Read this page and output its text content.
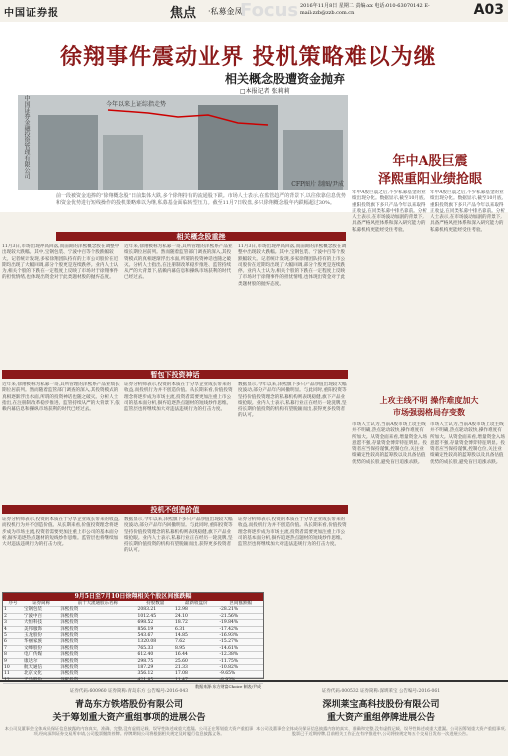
中国证券报	焦点 ·私募金凤
Focus 2016年11月8日 星期二 责编:xx 电话:010-63070142 E-mail:zzb@zzb.com.cn	A03
徐翔事件震动业界 投机策略难以为继
相关概念股遭资金抛弃
□本报记者 张莉莉
中国证券金融投资管理有限公司	今年以来上证综指走势
CFP图片 制图/尹成
年中A股巨震
泽熙重阳业绩抢眼
前一段被资金追捧的“徐翔概念股”日前集体大跌,多个徐翔持有的流通股下跌。市场人士表示,在监管趋严的背景下,以往依靠信息优势和资金优势进行短线操作的投机策略难以为继,私募基金面临转型压力。截至11月7日收盘,多只徐翔概念股年内跌幅超过30%。
相关概念股重挫
11月3日,市场出现冲高回落,而前期的泽熙概念股在调整中出现较大跌幅。其中,宝钢包装、宁波中百等个股跌幅较大。记者统计发现,多家徐翔团队持有的上市公司股价在近期均出现了大幅回调,部分个股更是连续跌停。业内人士认为,相关个股的下跌在一定程度上反映了市场对于徐翔事件的担忧情绪,也体现出资金对于此类题材股的抛弃态度。
近年来,徐翔被称为私募一哥,其所管理的泽熙系产品业绩长期位居前列。然而随着监管部门调查的深入,其投资模式的真相逐渐浮出水面,所谓的投资神话也随之破灭。分析人士指出,在注册制改革稳步推进、监管持续从严的大背景下,依赖内幕信息和操纵市场获利的时代已经过去。
11月3日,市场出现冲高回落,而前期的泽熙概念股在调整中出现较大跌幅。其中,宝钢包装、宁波中百等个股跌幅较大。记者统计发现,多家徐翔团队持有的上市公司股价在近期均出现了大幅回调,部分个股更是连续跌停。业内人士认为,相关个股的下跌在一定程度上反映了市场对于徐翔事件的担忧情绪,也体现出资金对于此类题材股的抛弃态度。
暂包下投资神话
近年来,徐翔被称为私募一哥,其所管理的泽熙系产品业绩长期位居前列。然而随着监管部门调查的深入,其投资模式的真相逐渐浮出水面,所谓的投资神话也随之破灭。分析人士指出,在注册制改革稳步推进、监管持续从严的大背景下,依赖内幕信息和操纵市场获利的时代已经过去。
证券分析师表示,投资的本质在于分享企业成长带来的收益,而投机行为并不创造价值。从长期来看,价值投资理念将逐步成为市场主流,投资者需要更加注重上市公司的基本面分析,摒弃追逐热点题材的短线炒作思维。监管层也将继续加大对违法违规行为的打击力度。
数据显示,今年以来,泽熙旗下多只产品净值出现较大幅度波动,部分产品年内回撤明显。与此同时,重阳投资等坚持价值投资理念的私募机构则表现稳健,旗下产品业绩抢眼。业内人士表示,私募行业正在经历一轮洗牌,坚持长期价值投资的机构有望脱颖而出,获得更多投资者的认可。
投机不创造价值
证券分析师表示,投资的本质在于分享企业成长带来的收益,而投机行为并不创造价值。从长期来看,价值投资理念将逐步成为市场主流,投资者需要更加注重上市公司的基本面分析,摒弃追逐热点题材的短线炒作思维。监管层也将继续加大对违法违规行为的打击力度。
数据显示,今年以来,泽熙旗下多只产品净值出现较大幅度波动,部分产品年内回撤明显。与此同时,重阳投资等坚持价值投资理念的私募机构则表现稳健,旗下产品业绩抢眼。业内人士表示,私募行业正在经历一轮洗牌,坚持长期价值投资的机构有望脱颖而出,获得更多投资者的认可。
证券分析师表示,投资的本质在于分享企业成长带来的收益,而投机行为并不创造价值。从长期来看,价值投资理念将逐步成为市场主流,投资者需要更加注重上市公司的基本面分析,摒弃追逐热点题材的短线炒作思维。监管层也将继续加大对违法违规行为的打击力度。
年中A股巨震之后,不少私募基金的业绩出现分化。数据显示,截至10月底,重阳投资旗下多只产品今年以来取得正收益,在同类私募中排名靠前。分析人士表示,在市场波动加剧的背景下,具备严格风控体系和深入研究能力的私募机构更能经受住考验。
年中A股巨震之后,不少私募基金的业绩出现分化。数据显示,截至10月底,重阳投资旗下多只产品今年以来取得正收益,在同类私募中排名靠前。分析人士表示,在市场波动加剧的背景下,具备严格风控体系和深入研究能力的私募机构更能经受住考验。
上攻主线不明 操作难度加大
市场强弱格局存变数
市场人士认为,当前A股市场上攻主线并不明确,热点轮动较快,操作难度有所加大。从资金面来看,增量资金入场意愿不强,存量资金博弈特征明显。投资者应当保持谨慎,控制仓位,关注业绩确定性较高的蓝筹股以及具备估值优势的成长股,避免盲目追涨杀跌。
市场人士认为,当前A股市场上攻主线并不明确,热点轮动较快,操作难度有所加大。从资金面来看,增量资金入场意愿不强,存量资金博弈特征明显。投资者应当保持谨慎,控制仓位,关注业绩确定性较高的蓝筹股以及具备估值优势的成长股,避免盲目追涨杀跌。
9月5日至7月10日徐翔相关个股区间涨跌幅
序号	证券简称	前十大流通股东名称	持股数量	最新收盘价	区间涨跌幅
1	宝钢包装	泽熙投资	2083.21	12.98	-28.21%
2	宁波中百	泽熙投资	1012.45	24.10	-21.56%
3	大恒科技	泽熙投资	698.52	18.72	-19.84%
4	美邦服饰	泽熙投资	856.19	6.31	-17.42%
5	玉龙股份	泽熙投资	543.67	14.85	-16.93%
6	华丽家族	泽熙投资	1320.08	7.62	-15.27%
7	文峰股份	泽熙投资	765.33	8.95	-14.61%
8	电广传媒	泽熙投资	612.40	16.44	-12.38%
9	康达尔	泽熙投资	298.75	25.60	-11.75%
10	航天通信	泽熙投资	187.29	21.33	-10.82%
11	北京文化	泽熙投资	356.12	17.08	-9.65%
12	天马股份	泽熙投资	421.85	11.47	-8.93%
数据来源:东方财富Choice 制表/尹成
证券代码:600960 证券简称:青岛东方 公告编号:2016-043
青岛东方铁塔股份有限公司
关于筹划重大资产重组事项的进展公告
本公司及董事会全体成员保证信息披露的内容真实、准确、完整,没有虚假记载、误导性陈述或重大遗漏。公司正在筹划重大资产重组事项,经向深圳证券交易所申请,公司股票继续停牌。停牌期间公司将根据相关规定及时履行信息披露义务。
证券代码:000532 证券简称:深圳莱宝 公告编号:2016-061
深圳莱宝高科技股份有限公司
重大资产重组停牌进展公告
本公司及董事会全体成员保证信息披露内容的真实、准确和完整,没有虚假记载、误导性陈述或重大遗漏。公司因筹划重大资产重组事项,股票已于近期停牌,目前相关工作正在有序推进中,公司将按规定每五个交易日发布一次进展公告。
